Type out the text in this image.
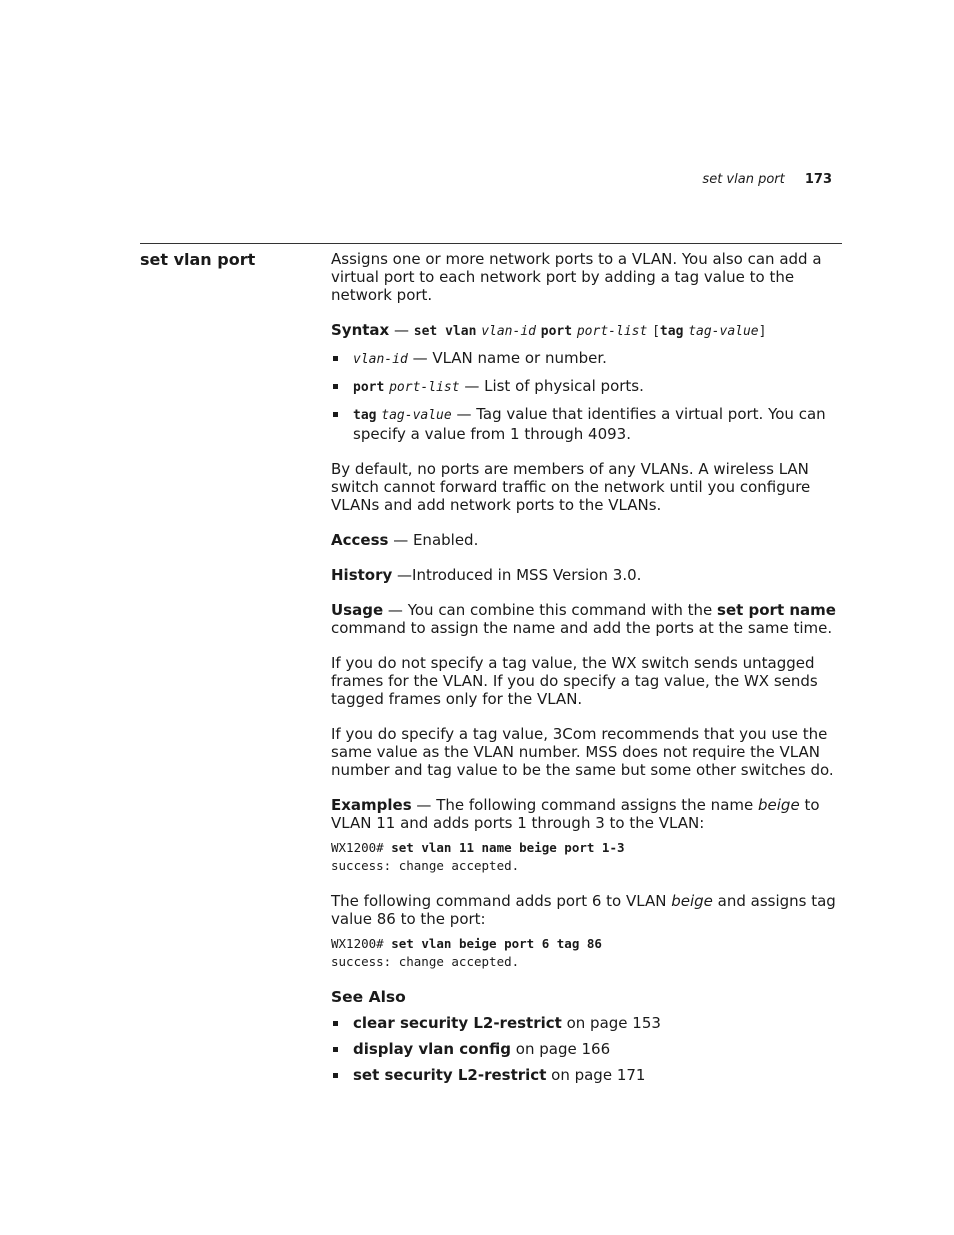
set vlan port 173
set vlan port	Assigns one or more network ports to a VLAN. You also can add a virtual port to each network port by adding a tag value to the network port.

Syntax — set vlan vlan-id port port-list [tag tag-value]

vlan-id — VLAN name or number.
port port-list — List of physical ports.
tag tag-value — Tag value that identifies a virtual port. You can specify a value from 1 through 4093.

By default, no ports are members of any VLANs. A wireless LAN switch cannot forward traffic on the network until you configure VLANs and add network ports to the VLANs.

Access — Enabled.

History —Introduced in MSS Version 3.0.

Usage — You can combine this command with the set port name command to assign the name and add the ports at the same time.

If you do not specify a tag value, the WX switch sends untagged frames for the VLAN. If you do specify a tag value, the WX sends tagged frames only for the VLAN.

If you do specify a tag value, 3Com recommends that you use the same value as the VLAN number. MSS does not require the VLAN number and tag value to be the same but some other switches do.

Examples — The following command assigns the name beige to VLAN 11 and adds ports 1 through 3 to the VLAN:

WX1200# set vlan 11 name beige port 1-3
success: change accepted.

The following command adds port 6 to VLAN beige and assigns tag value 86 to the port:

WX1200# set vlan beige port 6 tag 86
success: change accepted.
See Also
clear security L2-restrict on page 153
display vlan config on page 166
set security L2-restrict on page 171
